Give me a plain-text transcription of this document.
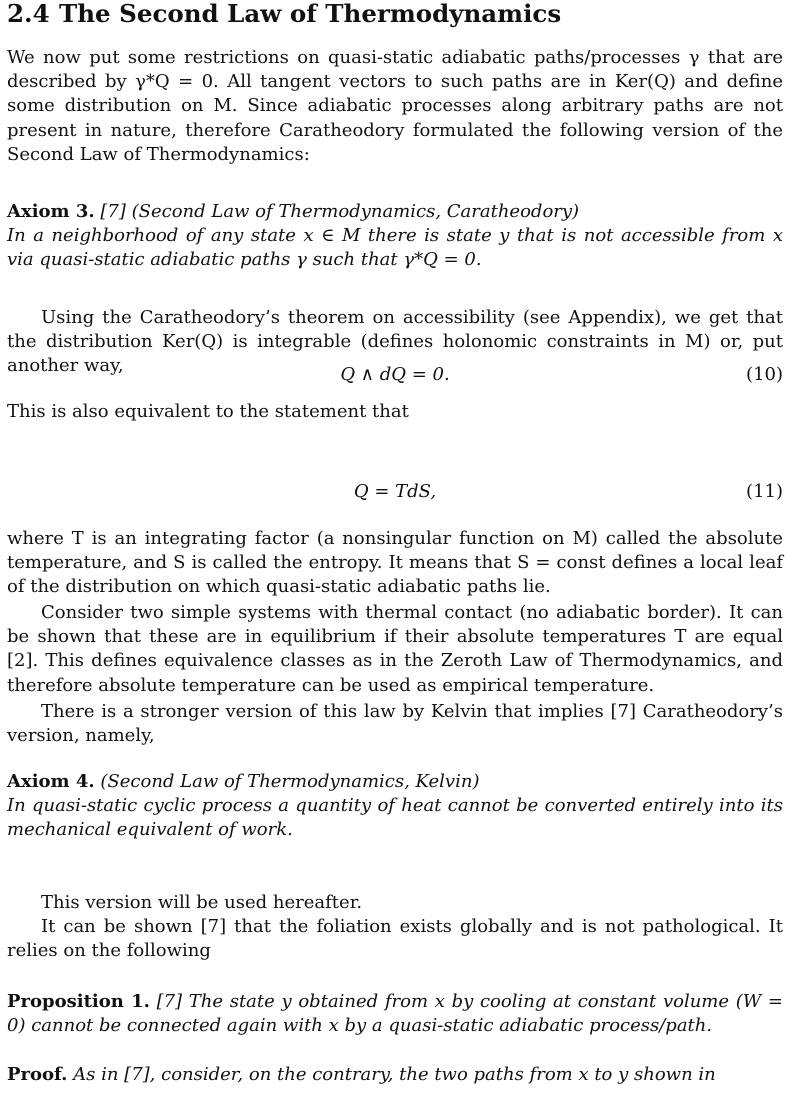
2.4 The Second Law of Thermodynamics
We now put some restrictions on quasi-static adiabatic paths/processes γ that are described by γ*Q = 0. All tangent vectors to such paths are in Ker(Q) and define some distribution on M. Since adiabatic processes along arbitrary paths are not present in nature, therefore Caratheodory formulated the following version of the Second Law of Thermodynamics:
Axiom 3. [7] (Second Law of Thermodynamics, Caratheodory)
In a neighborhood of any state x ∈ M there is state y that is not accessible from x via quasi-static adiabatic paths γ such that γ*Q = 0.
Using the Caratheodory’s theorem on accessibility (see Appendix), we get that the distribution Ker(Q) is integrable (defines holonomic constraints in M) or, put another way,	Q ∧ dQ = 0.	(10)
This is also equivalent to the statement that
Q = TdS,	(11)
where T is an integrating factor (a nonsingular function on M) called the absolute temperature, and S is called the entropy. It means that S = const defines a local leaf of the distribution on which quasi-static adiabatic paths lie.
Consider two simple systems with thermal contact (no adiabatic border). It can be shown that these are in equilibrium if their absolute temperatures T are equal [2]. This defines equivalence classes as in the Zeroth Law of Thermodynamics, and therefore absolute temperature can be used as empirical temperature.
There is a stronger version of this law by Kelvin that implies [7] Caratheodory’s version, namely,
Axiom 4. (Second Law of Thermodynamics, Kelvin)
In quasi-static cyclic process a quantity of heat cannot be converted entirely into its mechanical equivalent of work.
This version will be used hereafter.
It can be shown [7] that the foliation exists globally and is not pathological. It relies on the following
Proposition 1. [7] The state y obtained from x by cooling at constant volume (W = 0) cannot be connected again with x by a quasi-static adiabatic process/path.
Proof. As in [7], consider, on the contrary, the two paths from x to y shown in
